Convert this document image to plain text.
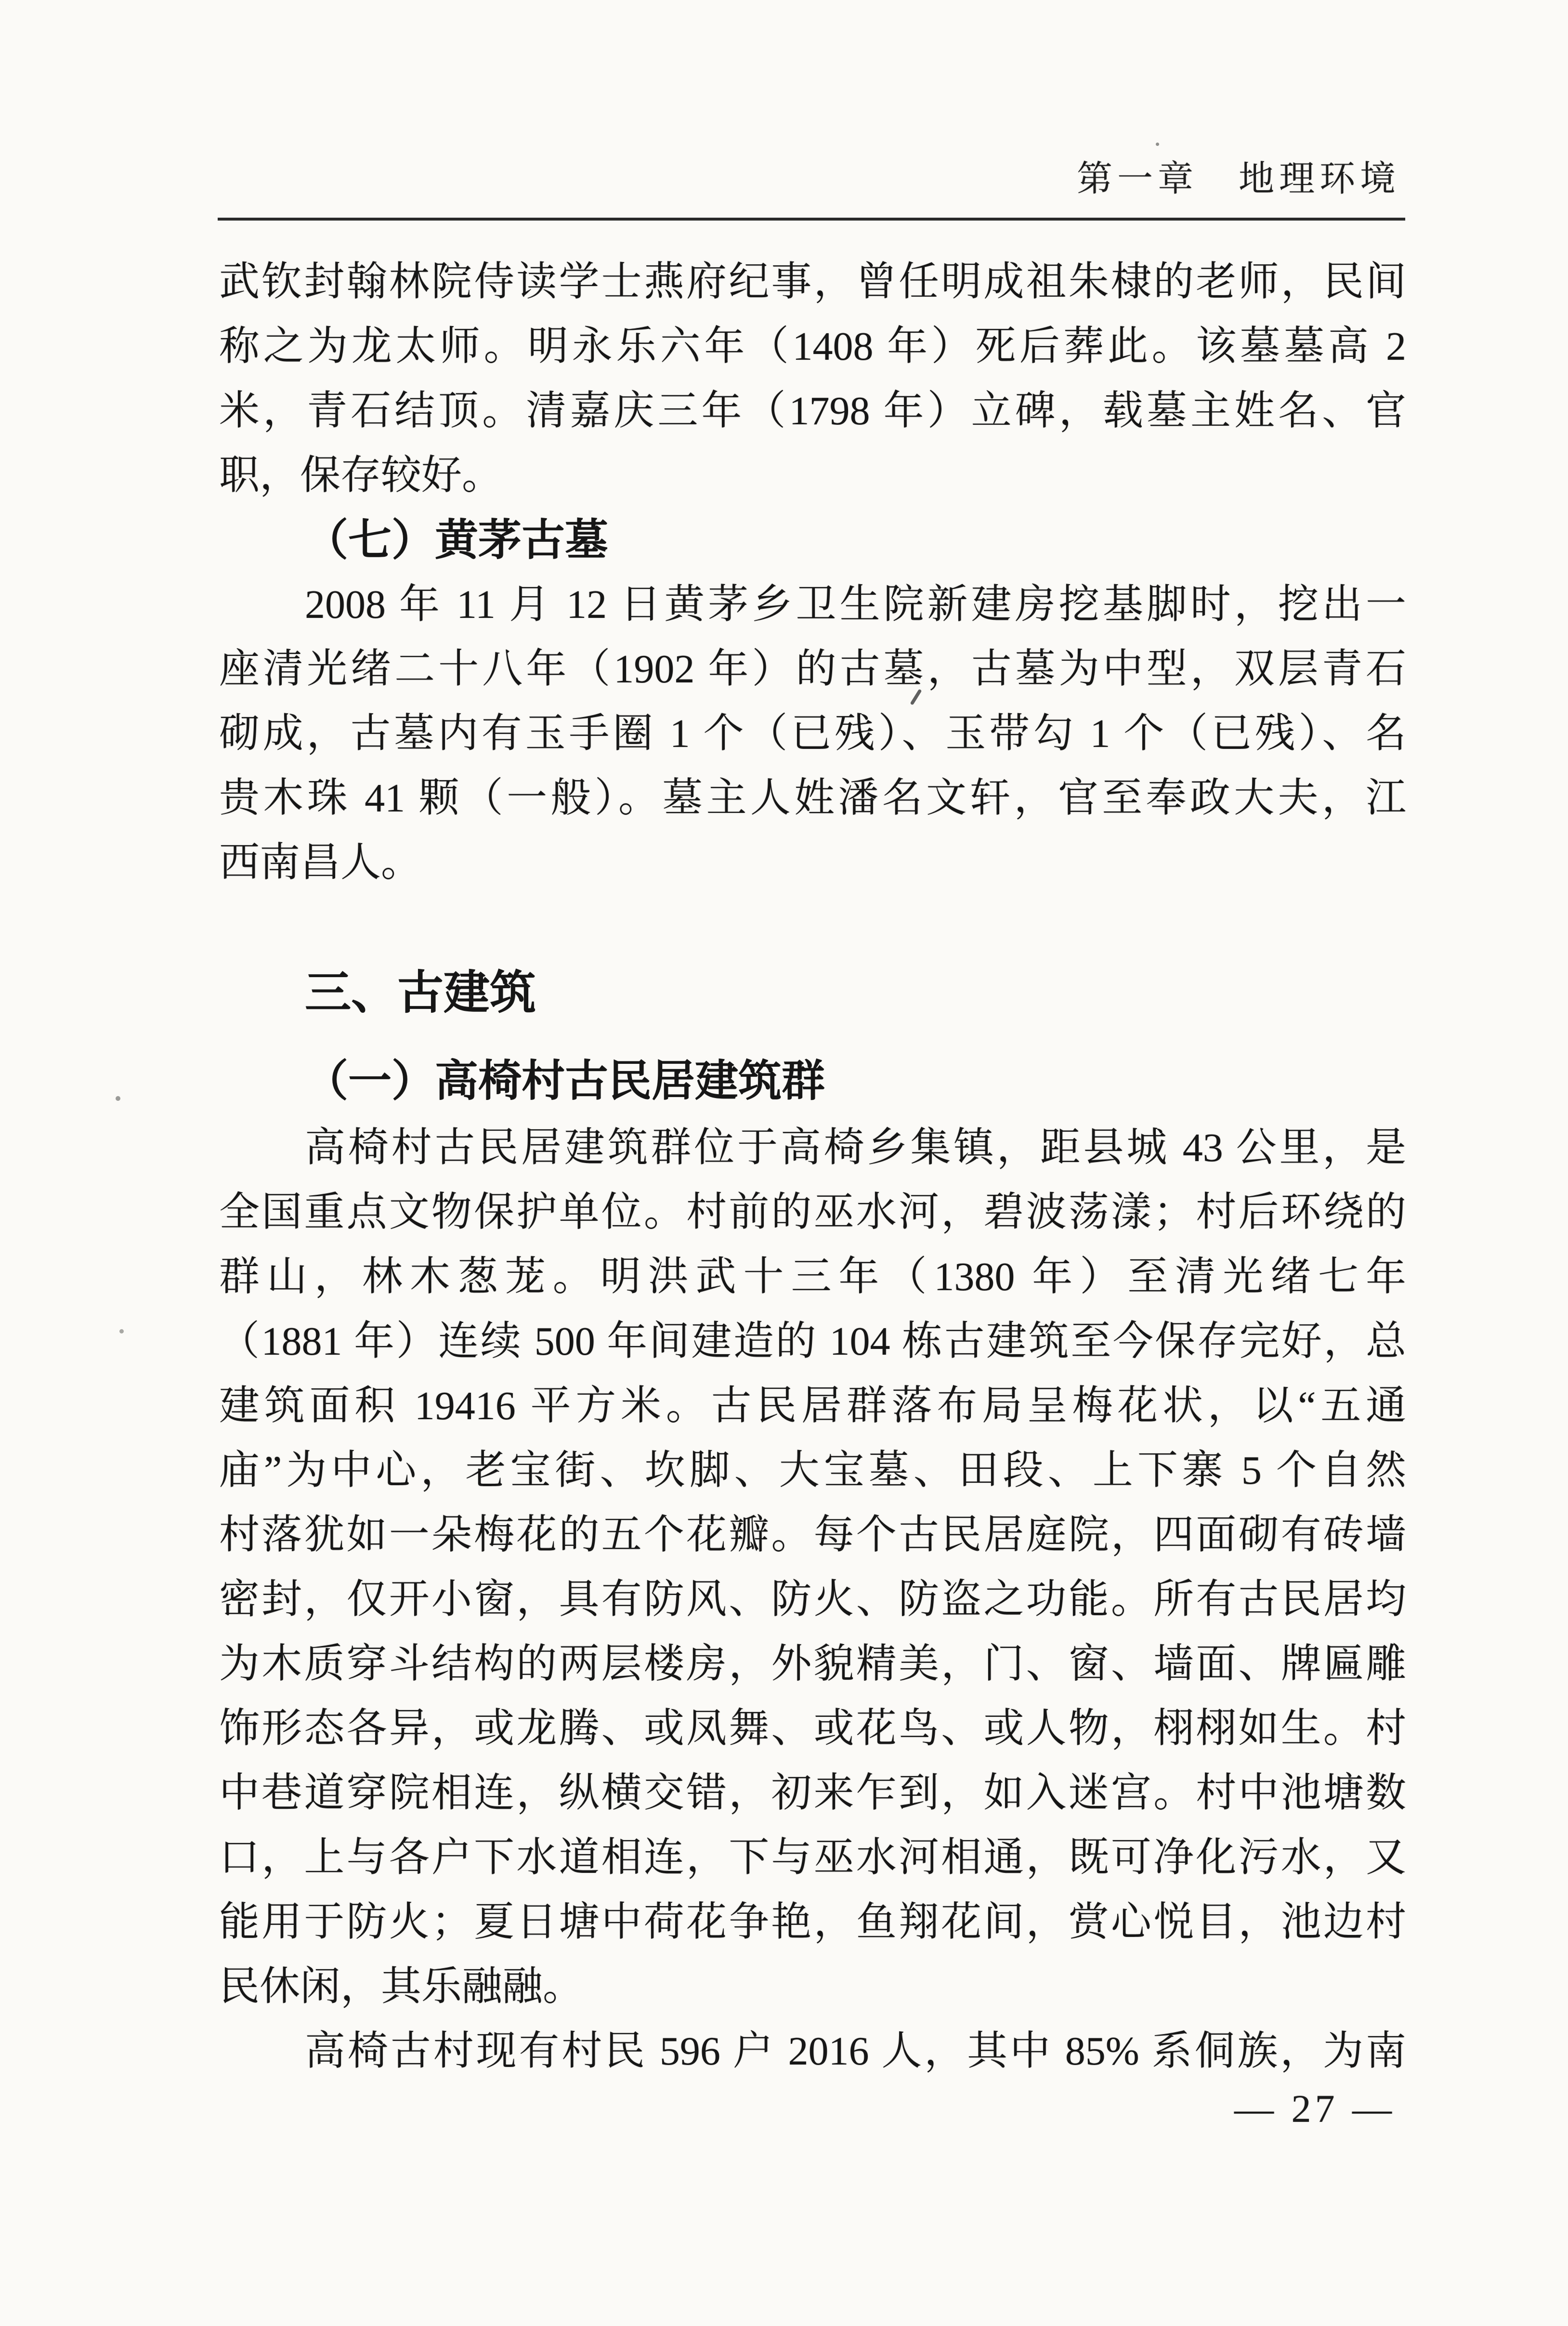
第一章　地理环境
武钦封翰林院侍读学士燕府纪事，曾任明成祖朱棣的老师，民间
称之为龙太师。明永乐六年（1408 年）死后葬此。该墓墓高 2
米，青石结顶。清嘉庆三年（1798 年）立碑，载墓主姓名、官
职，保存较好。
（七）黄茅古墓
2008 年 11 月 12 日黄茅乡卫生院新建房挖基脚时，挖出一
座清光绪二十八年（1902 年）的古墓，古墓为中型，双层青石
砌成，古墓内有玉手圈 1 个（已残）、玉带勾 1 个（已残）、名
贵木珠 41 颗（一般）。墓主人姓潘名文轩，官至奉政大夫，江
西南昌人。
三、古建筑
（一）高椅村古民居建筑群
高椅村古民居建筑群位于高椅乡集镇，距县城 43 公里，是
全国重点文物保护单位。村前的巫水河，碧波荡漾；村后环绕的
群山，林木葱茏。明洪武十三年（1380 年）至清光绪七年
（1881 年）连续 500 年间建造的 104 栋古建筑至今保存完好，总
建筑面积 19416 平方米。古民居群落布局呈梅花状，以“五通
庙”为中心，老宝街、坎脚、大宝墓、田段、上下寨 5 个自然
村落犹如一朵梅花的五个花瓣。每个古民居庭院，四面砌有砖墙
密封，仅开小窗，具有防风、防火、防盗之功能。所有古民居均
为木质穿斗结构的两层楼房，外貌精美，门、窗、墙面、牌匾雕
饰形态各异，或龙腾、或凤舞、或花鸟、或人物，栩栩如生。村
中巷道穿院相连，纵横交错，初来乍到，如入迷宫。村中池塘数
口，上与各户下水道相连，下与巫水河相通，既可净化污水，又
能用于防火；夏日塘中荷花争艳，鱼翔花间，赏心悦目，池边村
民休闲，其乐融融。
高椅古村现有村民 596 户 2016 人，其中 85% 系侗族，为南
— 27 —
